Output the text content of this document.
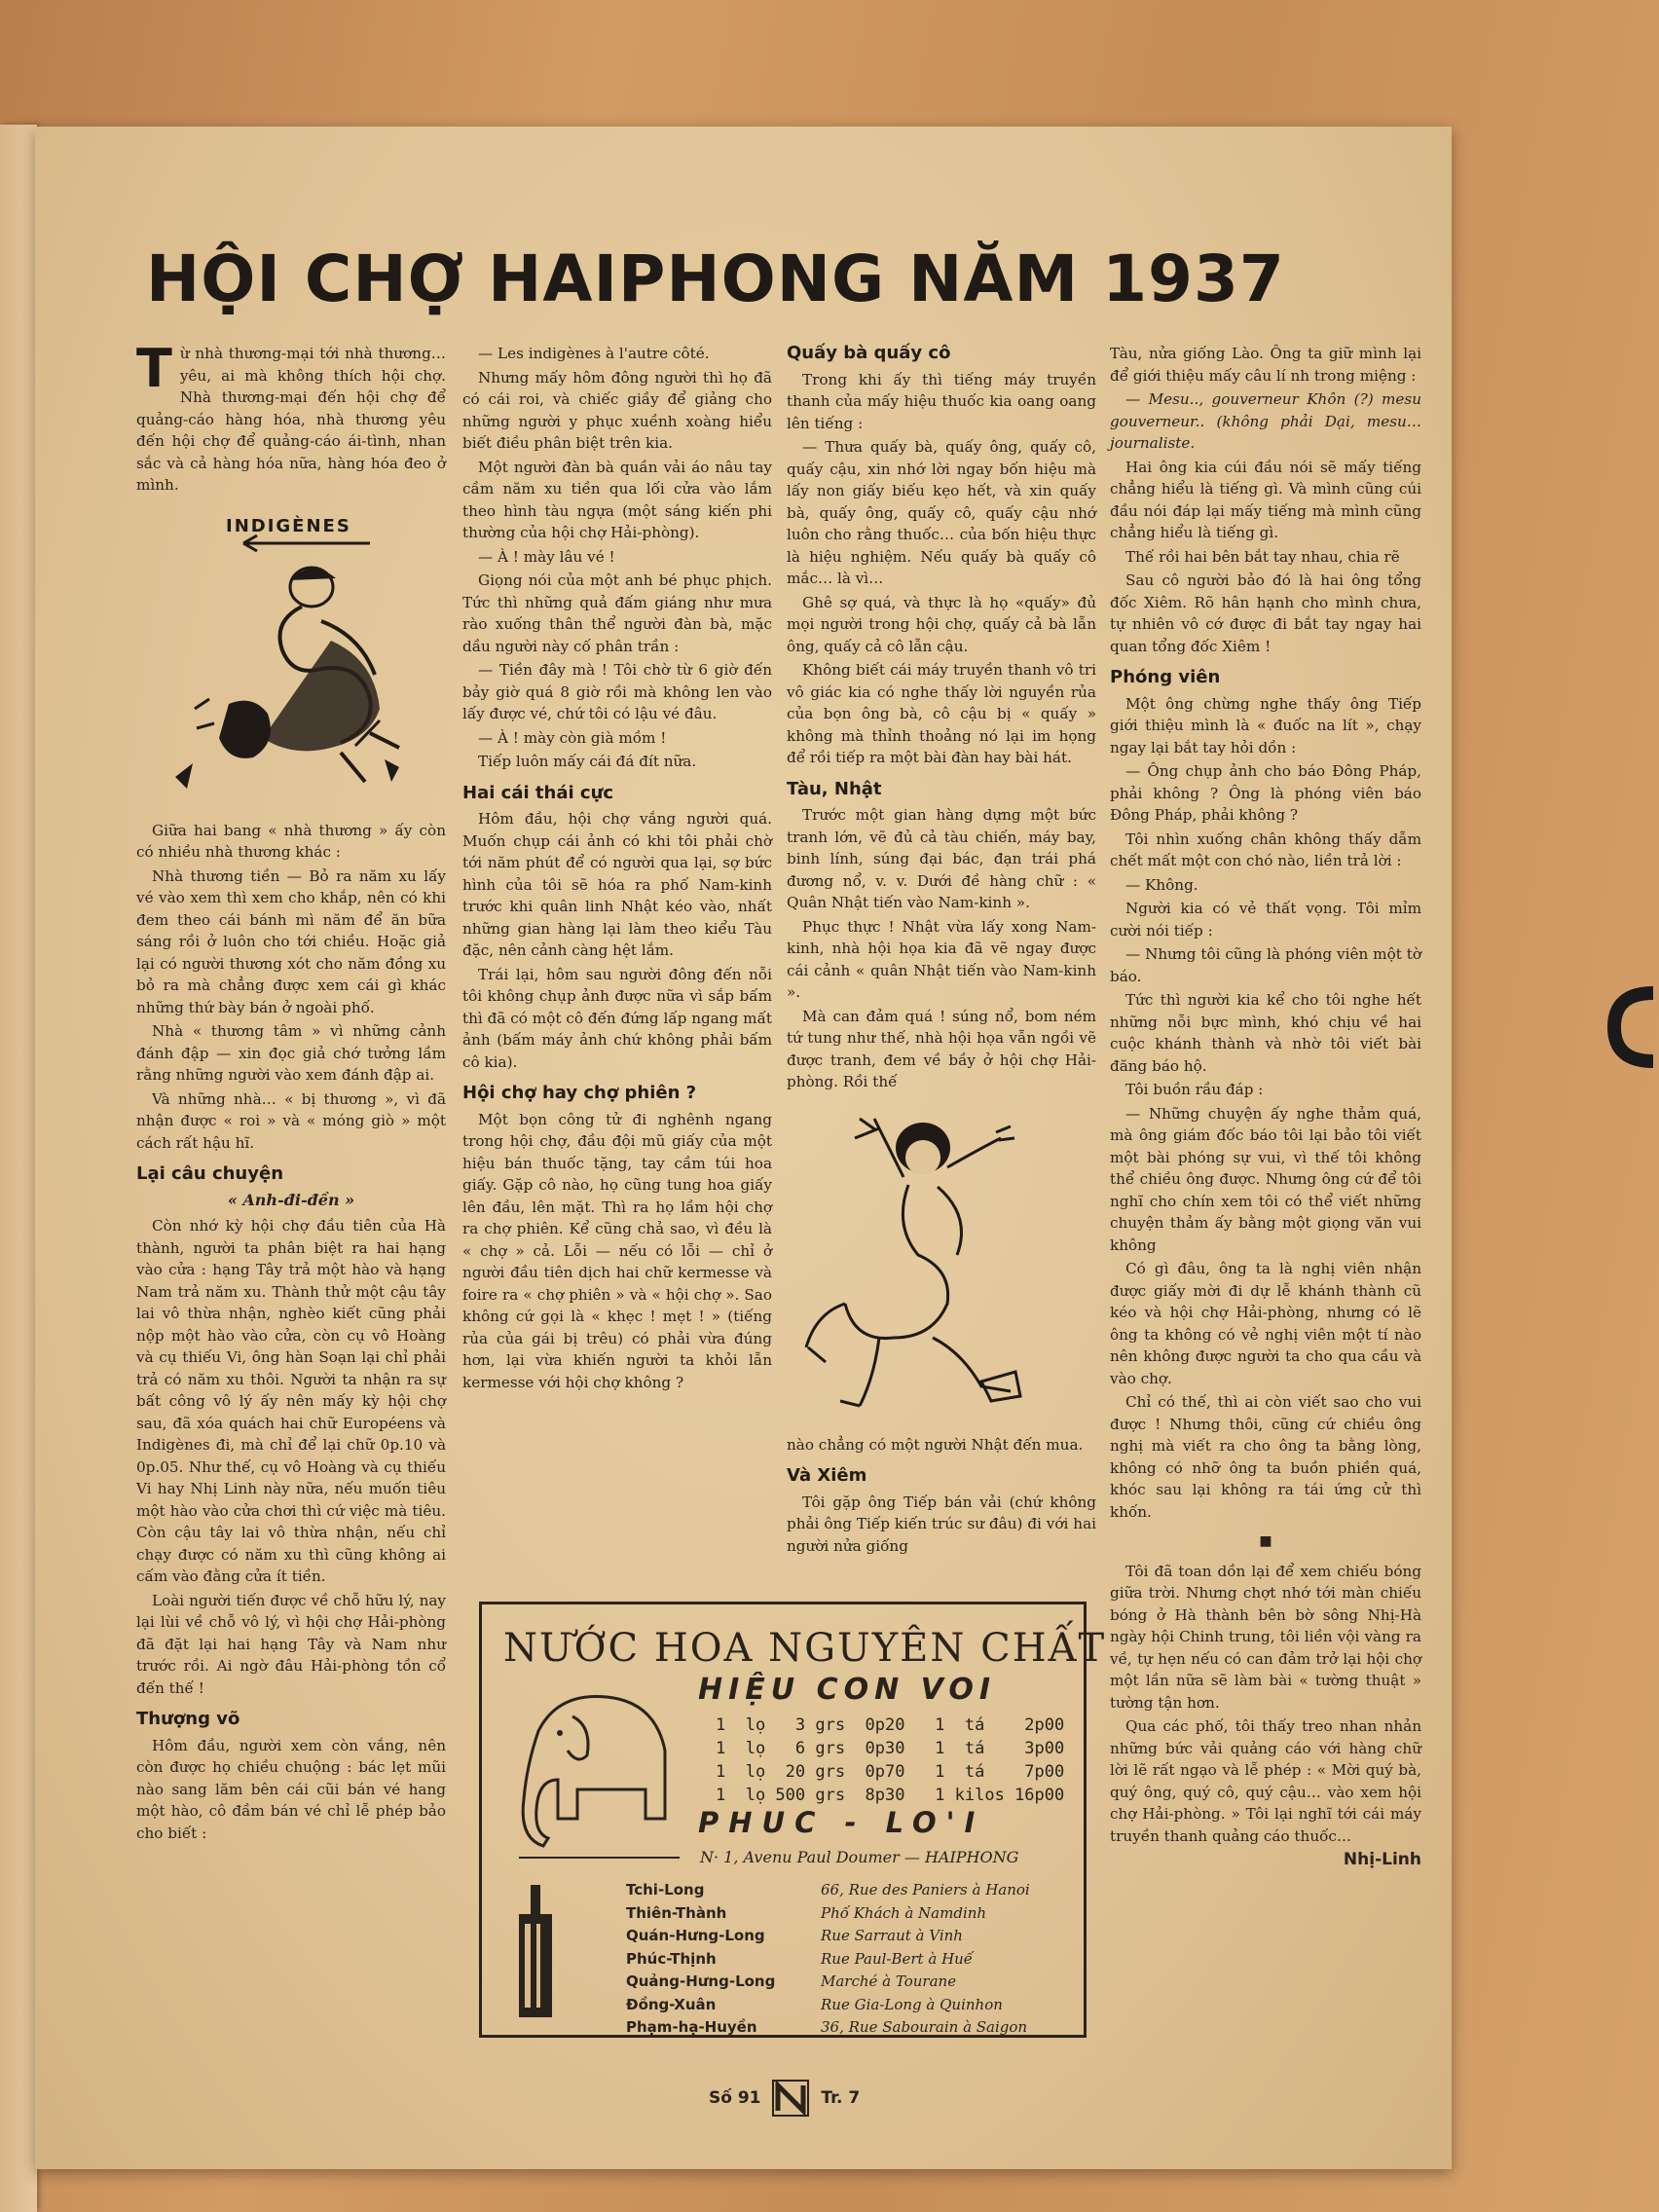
HỘI CHỢ HAIPHONG NĂM 1937

Từ nhà thương-mại tới nhà thương… yêu, ai mà không thích hội chợ. Nhà thương-mại đến hội chợ để quảng-cáo hàng hóa, nhà thương yêu đến hội chợ để quảng-cáo ái-tình, nhan sắc và cả hàng hóa nữa, hàng hóa đeo ở mình.

INDIGÈNES

Giữa hai bang « nhà thương » ấy còn có nhiều nhà thương khác :

Nhà thương tiền — Bỏ ra năm xu lấy vé vào xem thì xem cho khắp, nên có khi đem theo cái bánh mì năm để ăn bữa sáng rồi ở luôn cho tới chiều. Hoặc giả lại có người thương xót cho năm đồng xu bỏ ra mà chẳng được xem cái gì khác những thứ bày bán ở ngoài phố.

Nhà « thương tâm » vì những cảnh đánh đập — xin đọc giả chớ tưởng lầm rằng những người vào xem đánh đập ai.

Và những nhà… « bị thương », vì đã nhận được « roi » và « móng giò » một cách rất hậu hĩ.

Lại câu chuyện
« Anh-đi-đền »

Còn nhớ kỳ hội chợ đầu tiên của Hà thành, người ta phân biệt ra hai hạng vào cửa : hạng Tây trả một hào và hạng Nam trả năm xu. Thành thử một cậu tây lai vô thừa nhận, nghèo kiết cũng phải nộp một hào vào cửa, còn cụ vô Hoàng và cụ thiếu Vi, ông hàn Soạn lại chỉ phải trả có năm xu thôi. Người ta nhận ra sự bất công vô lý ấy nên mấy kỳ hội chợ sau, đã xóa quách hai chữ Européens và Indigènes đi, mà chỉ để lại chữ 0p.10 và 0p.05. Như thế, cụ vô Hoàng và cụ thiếu Vi hay Nhị Linh này nữa, nếu muốn tiêu một hào vào cửa chơi thì cứ việc mà tiêu. Còn cậu tây lai vô thừa nhận, nếu chỉ chạy được có năm xu thì cũng không ai cấm vào đằng cửa ít tiền.

Loài người tiến được về chỗ hữu lý, nay lại lùi về chỗ vô lý, vì hội chợ Hải-phòng đã đặt lại hai hạng Tây và Nam như trước rồi. Ai ngờ đâu Hải-phòng tồn cổ đến thế !

Thượng võ

Hôm đầu, người xem còn vắng, nên còn được họ chiều chuộng : bác lẹt mũi nào sang lăm bên cái cũi bán vé hang một hào, cô đầm bán vé chỉ lễ phép bảo cho biết :

— Les indigènes à l'autre côté.

Nhưng mấy hôm đông người thì họ đã có cái roi, và chiếc giầy để giảng cho những người y phục xuềnh xoàng hiểu biết điều phân biệt trên kia.

Một người đàn bà quần vải áo nâu tay cầm năm xu tiền qua lối cửa vào lắm theo hình tàu ngựa (một sáng kiến phi thường của hội chợ Hải-phòng).

— À ! mày lâu vé !

Giọng nói của một anh bé phục phịch. Tức thì những quả đấm giáng như mưa rào xuống thân thể người đàn bà, mặc dầu người này cố phân trần :

— Tiền đây mà ! Tôi chờ từ 6 giờ đến bảy giờ quá 8 giờ rồi mà không len vào lấy được vé, chứ tôi có lậu vé đâu.

— À ! mày còn già mồm !

Tiếp luôn mấy cái đá đít nữa.

Hai cái thái cực

Hôm đầu, hội chợ vắng người quá. Muốn chụp cái ảnh có khi tôi phải chờ tới năm phút để có người qua lại, sợ bức hình của tôi sẽ hóa ra phố Nam-kinh trước khi quân linh Nhật kéo vào, nhất những gian hàng lại làm theo kiểu Tàu đặc, nên cảnh càng hệt lắm.

Trái lại, hôm sau người đông đến nỗi tôi không chụp ảnh được nữa vì sắp bấm thì đã có một cô đến đứng lấp ngang mất ảnh (bấm máy ảnh chứ không phải bấm cô kia).

Hội chợ hay chợ phiên ?

Một bọn công tử đi nghênh ngang trong hội chợ, đầu đội mũ giấy của một hiệu bán thuốc tặng, tay cầm túi hoa giấy. Gặp cô nào, họ cũng tung hoa giấy lên đầu, lên mặt. Thì ra họ lầm hội chợ ra chợ phiên. Kể cũng chả sao, vì đều là « chợ » cả. Lỗi — nếu có lỗi — chỉ ở người đầu tiên dịch hai chữ kermesse và foire ra « chợ phiên » và « hội chợ ». Sao không cứ gọi là « khẹc ! mẹt ! » (tiếng rủa của gái bị trêu) có phải vừa đúng hơn, lại vừa khiến người ta khỏi lẫn kermesse với hội chợ không ?

Quấy bà quấy cô

Trong khi ấy thì tiếng máy truyền thanh của mấy hiệu thuốc kia oang oang lên tiếng :

— Thưa quấy bà, quấy ông, quấy cô, quấy cậu, xin nhớ lời ngay bốn hiệu mà lấy non giấy biếu kẹo hết, và xin quấy bà, quấy ông, quấy cô, quấy cậu nhớ luôn cho rằng thuốc… của bốn hiệu thực là hiệu nghiệm. Nếu quấy bà quấy cô mắc… là vì…

Ghê sợ quá, và thực là họ «quấy» đủ mọi người trong hội chợ, quấy cả bà lẫn ông, quấy cả cô lẫn cậu.

Không biết cái máy truyền thanh vô tri vô giác kia có nghe thấy lời nguyền rủa của bọn ông bà, cô cậu bị « quấy » không mà thỉnh thoảng nó lại im họng để rồi tiếp ra một bài đàn hay bài hát.

Tàu, Nhật

Trước một gian hàng dựng một bức tranh lớn, vẽ đủ cả tàu chiến, máy bay, binh lính, súng đại bác, đạn trái phá đương nổ, v. v. Dưới đề hàng chữ : « Quân Nhật tiến vào Nam-kinh ».

Phục thực ! Nhật vừa lấy xong Nam-kinh, nhà hội họa kia đã vẽ ngay được cái cảnh « quân Nhật tiến vào Nam-kinh ».

Mà can đảm quá ! súng nổ, bom ném tứ tung như thế, nhà hội họa vẫn ngồi vẽ được tranh, đem về bầy ở hội chợ Hải-phòng. Rồi thế

nào chẳng có một người Nhật đến mua.

Và Xiêm

Tôi gặp ông Tiếp bán vải (chứ không phải ông Tiếp kiến trúc sư đâu) đi với hai người nửa giống

Tàu, nửa giống Lào. Ông ta giữ mình lại để giới thiệu mấy câu lí nh trong miệng :

— Mesu.., gouverneur Khôn (?) mesu gouverneur.. (không phải Dại, mesu… journaliste.

Hai ông kia cúi đầu nói sẽ mấy tiếng chẳng hiểu là tiếng gì. Và mình cũng cúi đầu nói đáp lại mấy tiếng mà mình cũng chẳng hiểu là tiếng gì.

Thế rồi hai bên bắt tay nhau, chia rẽ

Sau cô người bảo đó là hai ông tổng đốc Xiêm. Rõ hân hạnh cho mình chưa, tự nhiên vô cớ được đi bắt tay ngay hai quan tổng đốc Xiêm !

Phóng viên

Một ông chừng nghe thấy ông Tiếp giới thiệu mình là « đuốc na lít », chạy ngay lại bắt tay hỏi dồn :

— Ông chụp ảnh cho báo Đông Pháp, phải không ? Ông là phóng viên báo Đông Pháp, phải không ?

Tôi nhìn xuống chân không thấy dẫm chết mất một con chó nào, liền trả lời :

— Không.

Người kia có vẻ thất vọng. Tôi mỉm cười nói tiếp :

— Nhưng tôi cũng là phóng viên một tờ báo.

Tức thì người kia kể cho tôi nghe hết những nỗi bực mình, khó chịu về hai cuộc khánh thành và nhờ tôi viết bài đăng báo hộ.

Tôi buồn rầu đáp :

— Những chuyện ấy nghe thảm quá, mà ông giám đốc báo tôi lại bảo tôi viết một bài phóng sự vui, vì thế tôi không thể chiều ông được. Nhưng ông cứ để tôi nghĩ cho chín xem tôi có thể viết những chuyện thảm ấy bằng một giọng văn vui không

Có gì đâu, ông ta là nghị viên nhận được giấy mời đi dự lễ khánh thành cũ kéo và hội chợ Hải-phòng, nhưng có lẽ ông ta không có vẻ nghị viên một tí nào nên không được người ta cho qua cầu và vào chợ.

Chỉ có thế, thì ai còn viết sao cho vui được ! Nhưng thôi, cũng cứ chiều ông nghị mà viết ra cho ông ta bằng lòng, không có nhỡ ông ta buồn phiền quá, khóc sau lại không ra tái ứng cử thì khốn.

■

Tôi đã toan dồn lại để xem chiếu bóng giữa trời. Nhưng chợt nhớ tới màn chiếu bóng ở Hà thành bên bờ sông Nhị-Hà ngày hội Chinh trung, tôi liền vội vàng ra về, tự hẹn nếu có can đảm trở lại hội chợ một lần nữa sẽ làm bài « tường thuật » tường tận hơn.

Qua các phố, tôi thấy treo nhan nhản những bức vải quảng cáo với hàng chữ lời lẽ rất ngạo và lễ phép : « Mời quý bà, quý ông, quý cô, quý cậu… vào xem hội chợ Hải-phòng. » Tôi lại nghĩ tới cái máy truyền thanh quảng cáo thuốc…

Nhị-Linh
NƯỚC HOA NGUYÊN CHẤT
HIỆU CON VOI
1  lọ   3 grs  0p20   1  tá    2p00
1  lọ   6 grs  0p30   1  tá    3p00
1  lọ  20 grs  0p70   1  tá    7p00
1  lọ 500 grs  8p30   1 kilos 16p00
PHUC - LO'I
N· 1, Avenu Paul Doumer — HAIPHONG
Tchi-Long	66, Rue des Paniers à Hanoi
Thiên-Thành	Phố Khách à Namdinh
Quán-Hưng-Long	Rue Sarraut à Vinh
Phúc-Thịnh	Rue Paul-Bert à Huế
Quảng-Hưng-Long	Marché à Tourane
Đồng-Xuân	Rue Gia-Long à Quinhon
Phạm-hạ-Huyền	36, Rue Sabourain à Saigon
Số 91	Tr. 7
